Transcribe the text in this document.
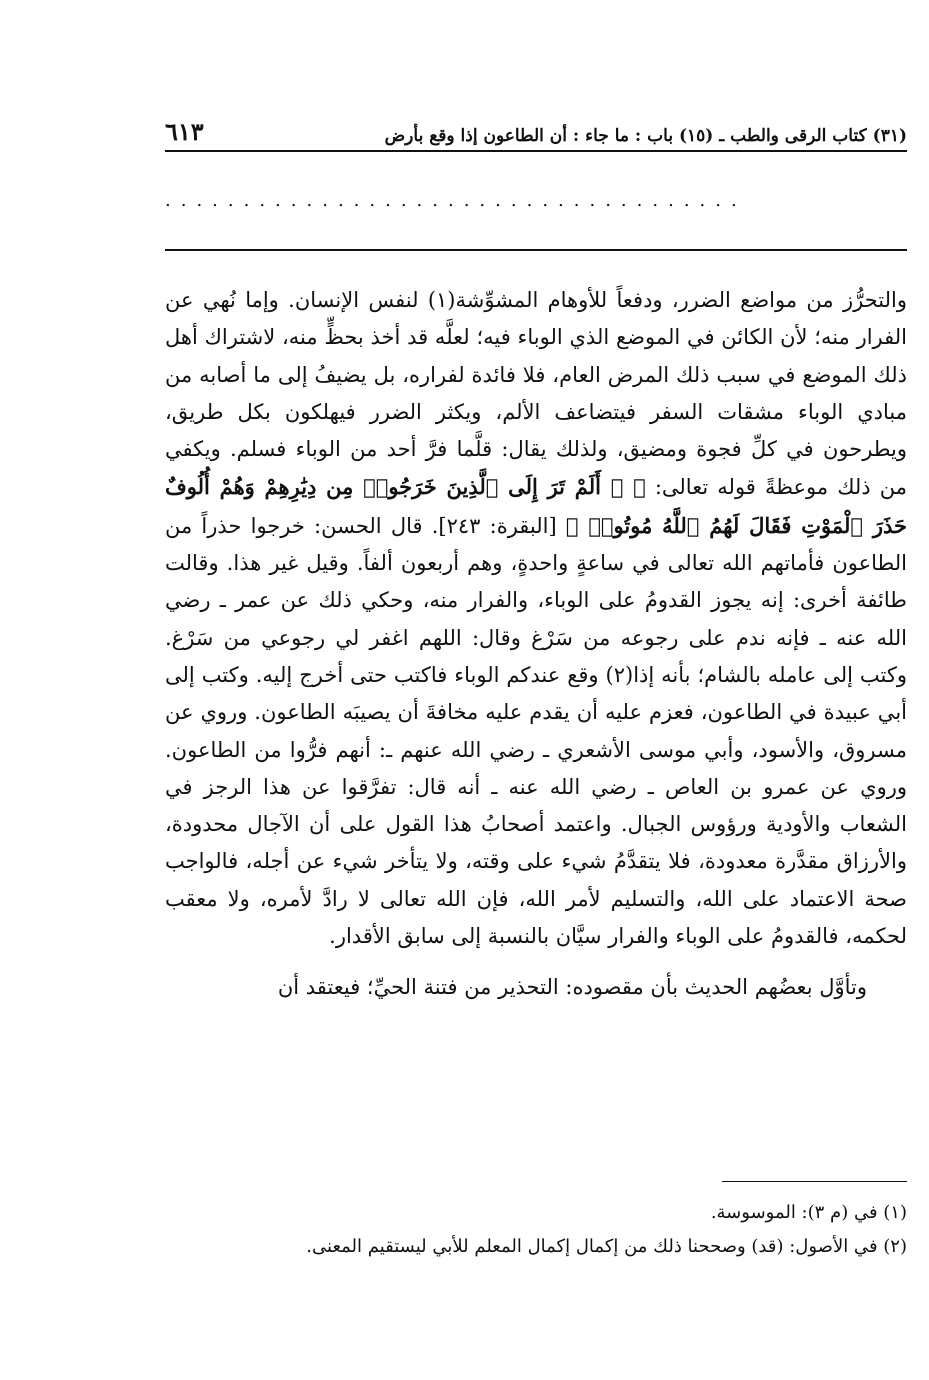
(٣١) كتاب الرقى والطب ـ (١٥) باب : ما جاء : أن الطاعون إذا وقع بأرض
٦١٣
.....................................

والتحرُّز من مواضع الضرر، ودفعاً للأوهام المشوِّشة(١) لنفس الإنسان. وإما نُهي عن الفرار منه؛ لأن الكائن في الموضع الذي الوباء فيه؛ لعلَّه قد أخذ بحظٍّ منه، لاشتراك أهل ذلك الموضع في سبب ذلك المرض العام، فلا فائدة لفراره، بل يضيفُ إلى ما أصابه من مبادي الوباء مشقات السفر فيتضاعف الألم، ويكثر الضرر فيهلكون بكل طريق، ويطرحون في كلِّ فجوة ومضيق، ولذلك يقال: قلَّما فرَّ أحد من الوباء فسلم. ويكفي من ذلك موعظةً قوله تعالى: ﴿ ۞ أَلَمْ تَرَ إِلَى ٱلَّذِينَ خَرَجُوا۟ مِن دِيَٰرِهِمْ وَهُمْ أُلُوفٌ حَذَرَ ٱلْمَوْتِ فَقَالَ لَهُمُ ٱللَّهُ مُوتُوا۟ ﴾ [البقرة: ٢٤٣]. قال الحسن: خرجوا حذراً من الطاعون فأماتهم الله تعالى في ساعةٍ واحدةٍ، وهم أربعون ألفاً. وقيل غير هذا. وقالت طائفة أخرى: إنه يجوز القدومُ على الوباء، والفرار منه، وحكي ذلك عن عمر ـ رضي الله عنه ـ فإنه ندم على رجوعه من سَرْغ وقال: اللهم اغفر لي رجوعي من سَرْغ. وكتب إلى عامله بالشام؛ بأنه إذا(٢) وقع عندكم الوباء فاكتب حتى أخرج إليه. وكتب إلى أبي عبيدة في الطاعون، فعزم عليه أن يقدم عليه مخافةَ أن يصيبَه الطاعون. وروي عن مسروق، والأسود، وأبي موسى الأشعري ـ رضي الله عنهم ـ: أنهم فرُّوا من الطاعون. وروي عن عمرو بن العاص ـ رضي الله عنه ـ أنه قال: تفرَّقوا عن هذا الرجز في الشعاب والأودية ورؤوس الجبال. واعتمد أصحابُ هذا القول على أن الآجال محدودة، والأرزاق مقدَّرة معدودة، فلا يتقدَّمُ شيء على وقته، ولا يتأخر شيء عن أجله، فالواجب صحة الاعتماد على الله، والتسليم لأمر الله، فإن الله تعالى لا رادَّ لأمره، ولا معقب لحكمه، فالقدومُ على الوباء والفرار سيَّان بالنسبة إلى سابق الأقدار.

وتأوَّل بعضُهم الحديث بأن مقصوده: التحذير من فتنة الحيِّ؛ فيعتقد أن

(١) في (م ٣): الموسوسة.
(٢) في الأصول: (قد) وصححنا ذلك من إكمال إكمال المعلم للأبي ليستقيم المعنى.
